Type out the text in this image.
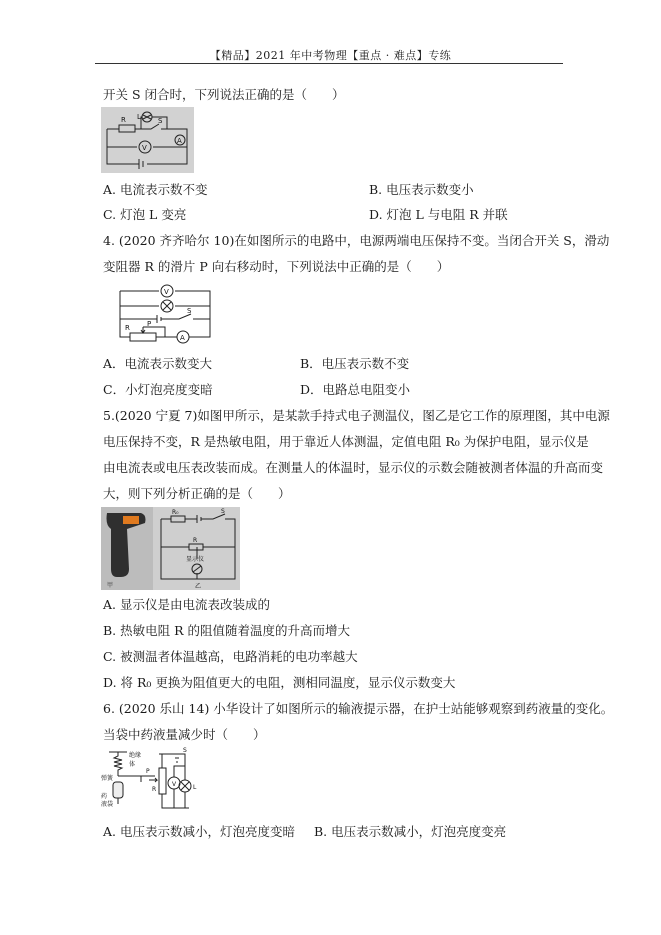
【精品】2021 年中考物理【重点 · 难点】专练
开关 S 闭合时，下列说法正确的是（　　）
R L S
A
V
A. 电流表示数不变	B. 电压表示数变小
C. 灯泡 L 变亮	D. 灯泡 L 与电阻 R 并联
4. (2020 齐齐哈尔 10)在如图所示的电路中，电源两端电压保持不变。当闭合开关 S，滑动
变阻器 R 的滑片 P 向右移动时，下列说法中正确的是（　　）
V
R P
S
A
A．电流表示数变大	B．电压表示数不变
C．小灯泡亮度变暗	D．电路总电阻变小
5.(2020 宁夏 7)如图甲所示，是某款手持式电子测温仪，图乙是它工作的原理图，其中电源
电压保持不变，R 是热敏电阻，用于靠近人体测温，定值电阻 R₀ 为保护电阻，显示仪是
由电流表或电压表改装而成。在测量人的体温时，显示仪的示数会随被测者体温的升高而变
大，则下列分析正确的是（　　）
甲
R₀	S
R
显示仪
乙
A. 显示仪是由电流表改装成的
B. 热敏电阻 R 的阻值随着温度的升高而增大
C. 被测温者体温越高，电路消耗的电功率越大
D. 将 R₀ 更换为阻值更大的电阻，测相同温度，显示仪示数变大
6. (2020 乐山 14) 小华设计了如图所示的输液提示器，在护士站能够观察到药液量的变化。
当袋中药液量减少时（　　）
弹簧
绝缘
体
药
液袋
P
R
V	L
S
A. 电压表示数减小，灯泡亮度变暗 B. 电压表示数减小，灯泡亮度变亮
